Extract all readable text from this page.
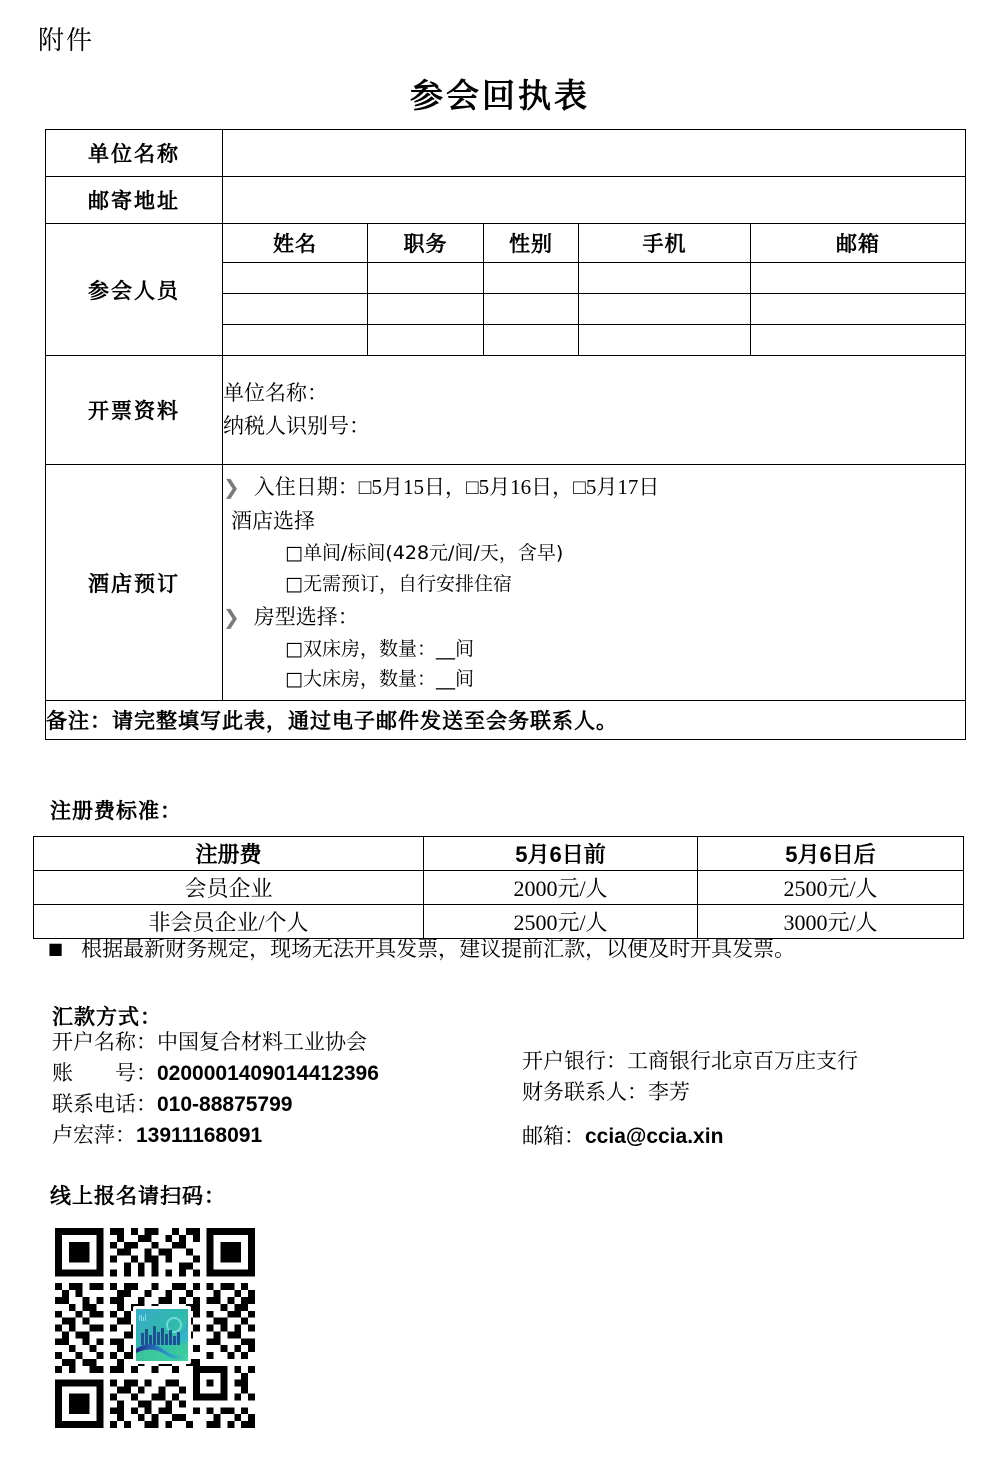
附件
参会回执表
单位名称					
邮寄地址					
参会人员	姓名	职务	性别	手机	邮箱

开票资料	单位名称：
纳税人识别号：				

酒店预订	
❯ 入住日期：□5月15日，□5月16日，□5月17日
酒店选择
□单间/标间(428元/间/天，含早)
□无需预订，自行安排住宿
❯ 房型选择：
□双床房，数量：__间
□大床房，数量：__间

备注：请完整填写此表，通过电子邮件发送至会务联系人。					
注册费标准：
注册费	5月6日前	5月6日后
会员企业	2000元/人	2500元/人
非会员企业/个人	2500元/人	3000元/人
■ 根据最新财务规定，现场无法开具发票，建议提前汇款，以便及时开具发票。
汇款方式：
开户名称：中国复合材料工业协会
账　　号：0200001409014412396
联系电话：010-88875799
卢宏萍：13911168091
开户银行：工商银行北京百万庄支行
财务联系人：李芳
邮箱：ccia@ccia.xin
线上报名请扫码：
